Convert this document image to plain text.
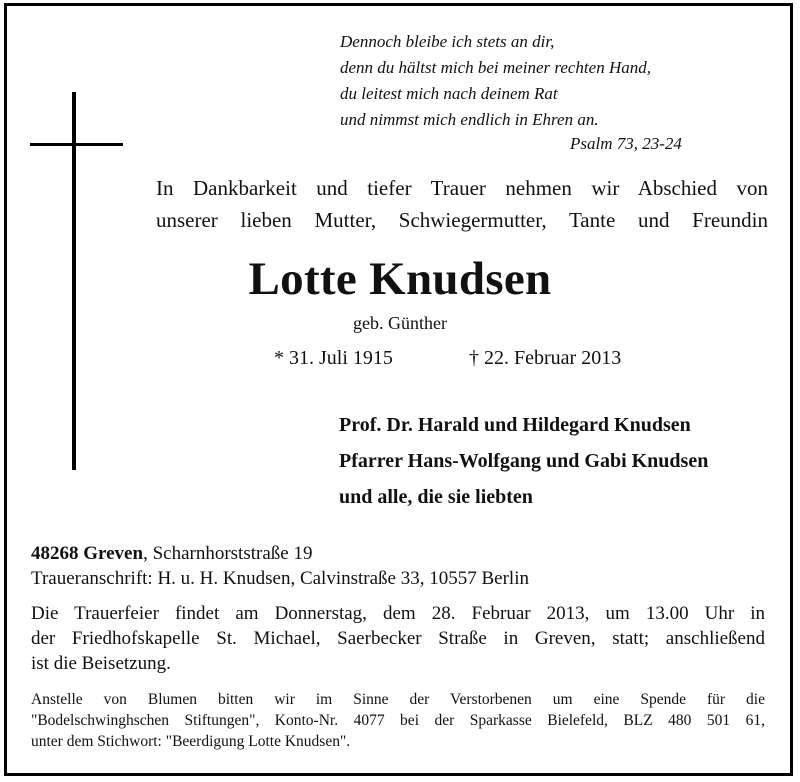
Dennoch bleibe ich stets an dir,
denn du hältst mich bei meiner rechten Hand,
du leitest mich nach deinem Rat
und nimmst mich endlich in Ehren an.
Psalm 73, 23-24
In Dankbarkeit und tiefer Trauer nehmen wir Abschied von
unserer lieben Mutter, Schwiegermutter, Tante und Freundin
Lotte Knudsen
geb. Günther
* 31. Juli 1915	† 22. Februar 2013
Prof. Dr. Harald und Hildegard Knudsen
Pfarrer Hans-Wolfgang und Gabi Knudsen
und alle, die sie liebten
48268 Greven, Scharnhorststraße 19
Traueranschrift: H. u. H. Knudsen, Calvinstraße 33, 10557 Berlin
Die Trauerfeier findet am Donnerstag, dem 28. Februar 2013, um 13.00 Uhr in
der Friedhofskapelle St. Michael, Saerbecker Straße in Greven, statt; anschließend
ist die Beisetzung.
Anstelle von Blumen bitten wir im Sinne der Verstorbenen um eine Spende für die
"Bodelschwinghschen Stiftungen", Konto-Nr. 4077 bei der Sparkasse Bielefeld, BLZ 480 501 61,
unter dem Stichwort: "Beerdigung Lotte Knudsen".
